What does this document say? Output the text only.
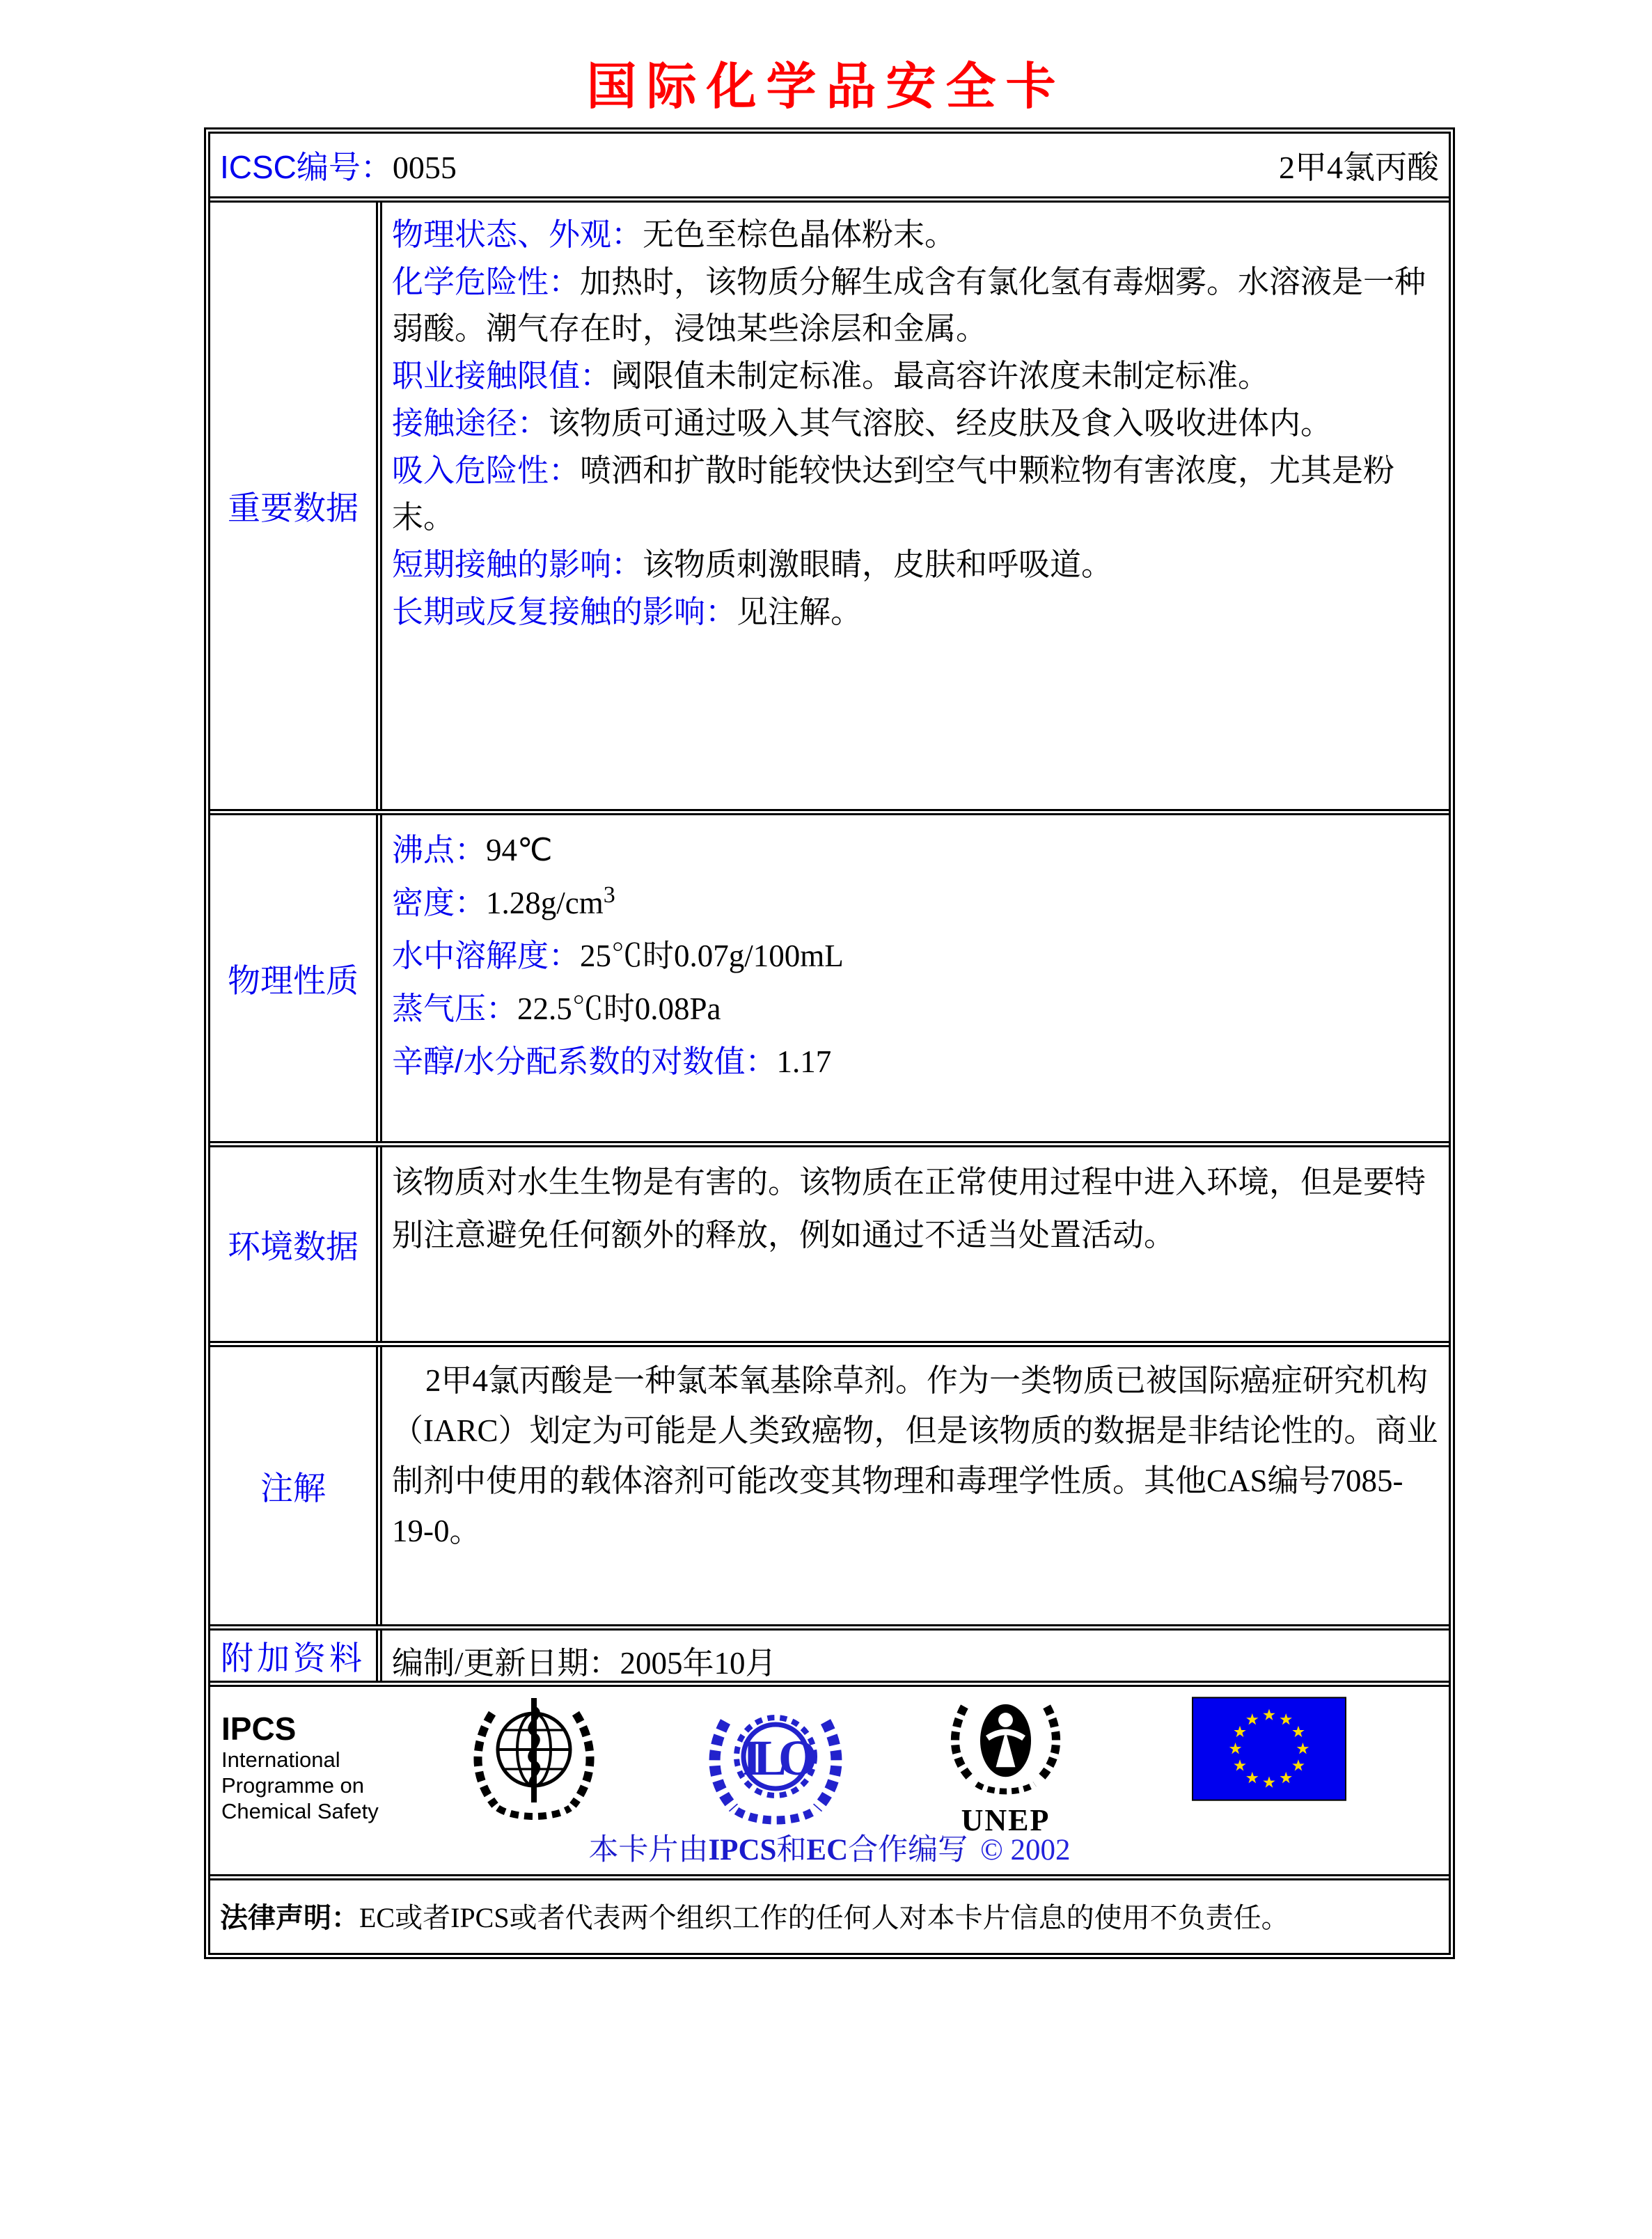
国际化学品安全卡
ICSC编号：0055	2甲4氯丙酸
重要数据

物理状态、外观：无色至棕色晶体粉末。

化学危险性：加热时，该物质分解生成含有氯化氢有毒烟雾。水溶液是一种弱酸。潮气存在时，浸蚀某些涂层和金属。

职业接触限值：阈限值未制定标准。最高容许浓度未制定标准。

接触途径：该物质可通过吸入其气溶胶、经皮肤及食入吸收进体内。

吸入危险性：喷洒和扩散时能较快达到空气中颗粒物有害浓度，尤其是粉末。

短期接触的影响：该物质刺激眼睛，皮肤和呼吸道。

长期或反复接触的影响：见注解。

物理性质

沸点：94℃

密度：$1.28g/cm^3$

水中溶解度：25℃时0.07g/100mL

蒸气压：22.5℃时0.08Pa

辛醇/水分配系数的对数值：1.17

环境数据

该物质对水生生物是有害的。该物质在正常使用过程中进入环境，但是要特别注意避免任何额外的释放，例如通过不适当处置活动。

注解

2甲4氯丙酸是一种氯苯氧基除草剂。作为一类物质已被国际癌症研究机构（IARC）划定为可能是人类致癌物，但是该物质的数据是非结论性的。商业制剂中使用的载体溶剂可能改变其物理和毒理学性质。其他CAS编号7085-19-0。

附加资料 编制/更新日期：2005年10月
IPCS
International
Programme on
Chemical Safety
ILO
UNEP
本卡片由IPCS和EC合作编写 © 2002
法律声明：EC或者IPCS或者代表两个组织工作的任何人对本卡片信息的使用不负责任。
